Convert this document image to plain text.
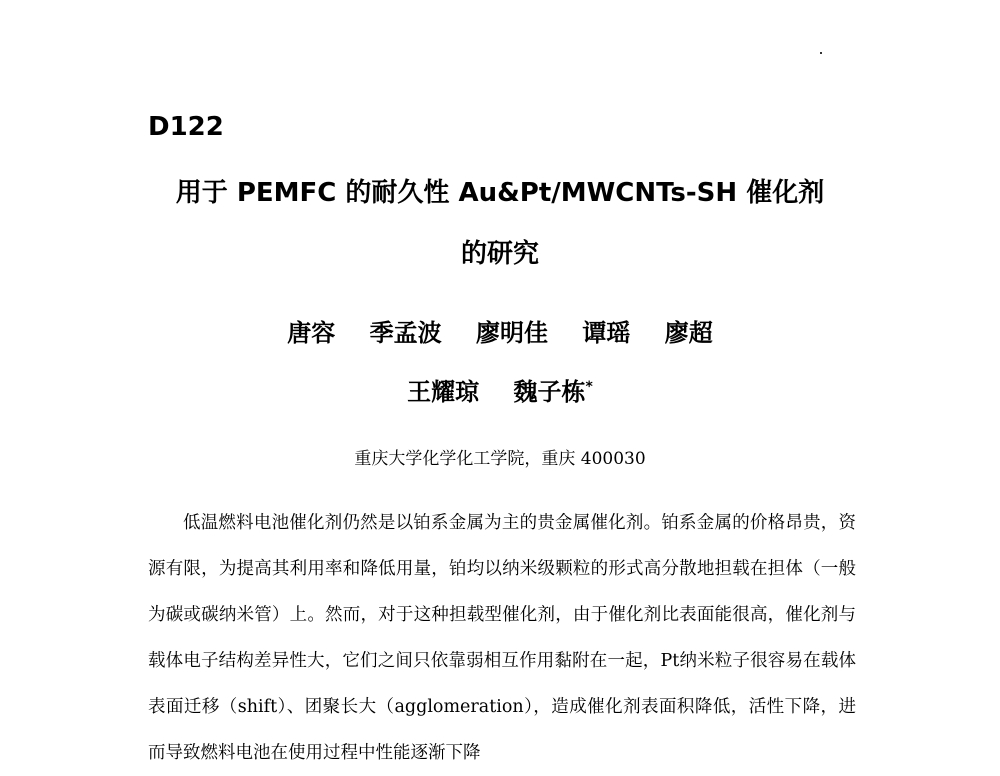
D122
用于 PEMFC 的耐久性 Au&Pt/MWCNTs-SH 催化剂
的研究
唐容 季孟波 廖明佳 谭瑶 廖超
王耀琼 魏子栋*
重庆大学化学化工学院，重庆 400030

低温燃料电池催化剂仍然是以铂系金属为主的贵金属催化剂。铂系金属的价格昂贵，资源有限，为提高其利用率和降低用量，铂均以纳米级颗粒的形式高分散地担载在担体（一般为碳或碳纳米管）上。然而，对于这种担载型催化剂，由于催化剂比表面能很高，催化剂与载体电子结构差异性大，它们之间只依靠弱相互作用黏附在一起，Pt纳米粒子很容易在载体表面迁移（shift）、团聚长大（agglomeration），造成催化剂表面积降低，活性下降，进而导致燃料电池在使用过程中性能逐渐下降
